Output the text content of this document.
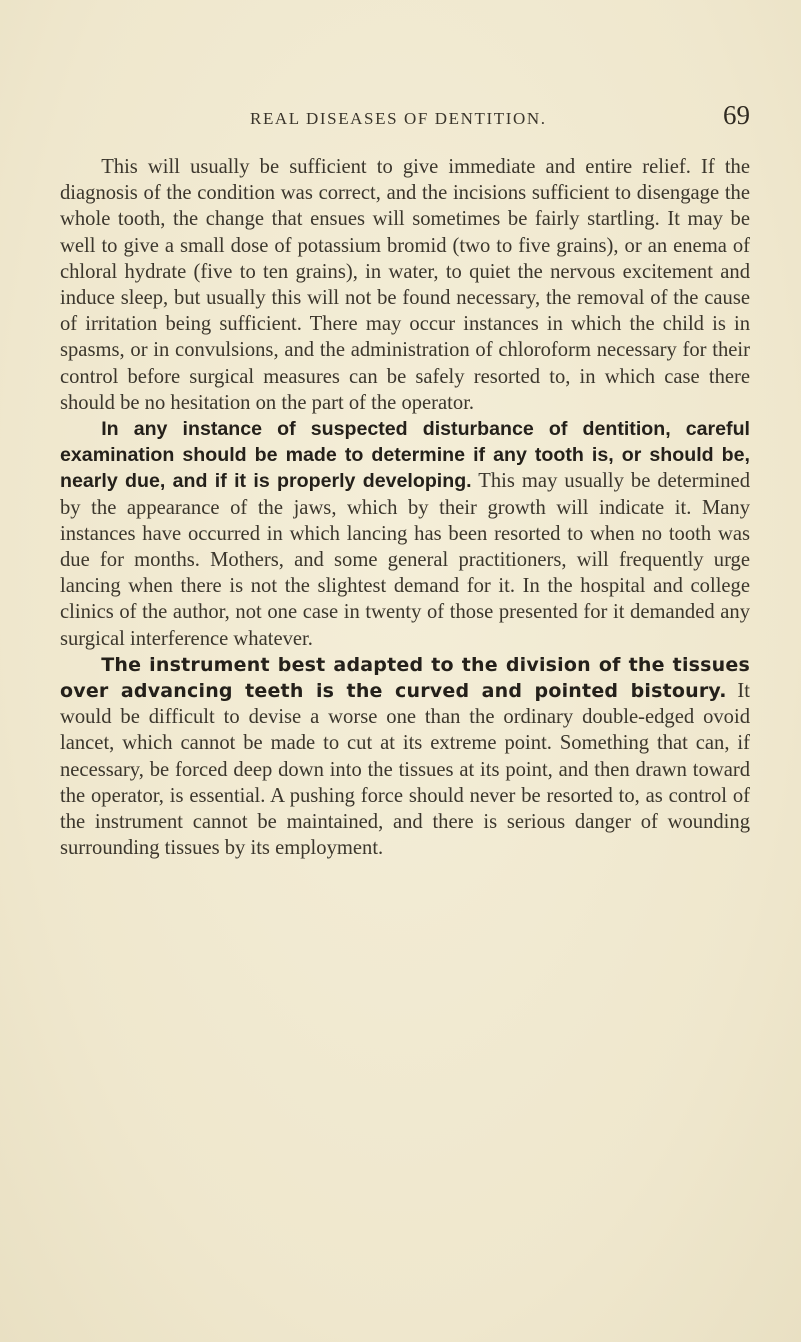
REAL DISEASES OF DENTITION.	69

This will usually be sufficient to give immediate and entire relief. If the diagnosis of the condition was correct, and the incisions sufficient to disengage the whole tooth, the change that ensues will sometimes be fairly startling. It may be well to give a small dose of potassium bromid (two to five grains), or an enema of chloral hydrate (five to ten grains), in water, to quiet the nervous excitement and induce sleep, but usually this will not be found necessary, the removal of the cause of irritation being sufficient. There may occur instances in which the child is in spasms, or in convulsions, and the administration of chloroform necessary for their control before surgical measures can be safely resorted to, in which case there should be no hesitation on the part of the operator.

In any instance of suspected disturbance of dentition, careful examination should be made to determine if any tooth is, or should be, nearly due, and if it is properly developing. This may usually be determined by the appearance of the jaws, which by their growth will indicate it. Many instances have occurred in which lancing has been resorted to when no tooth was due for months. Mothers, and some general practitioners, will frequently urge lancing when there is not the slightest demand for it. In the hospital and college clinics of the author, not one case in twenty of those presented for it demanded any surgical interference whatever.

The instrument best adapted to the division of the tissues over advancing teeth is the curved and pointed bistoury. It would be difficult to devise a worse one than the ordinary double-edged ovoid lancet, which cannot be made to cut at its extreme point. Something that can, if necessary, be forced deep down into the tissues at its point, and then drawn toward the operator, is essential. A pushing force should never be resorted to, as control of the instrument cannot be maintained, and there is serious danger of wounding surrounding tissues by its employment.
